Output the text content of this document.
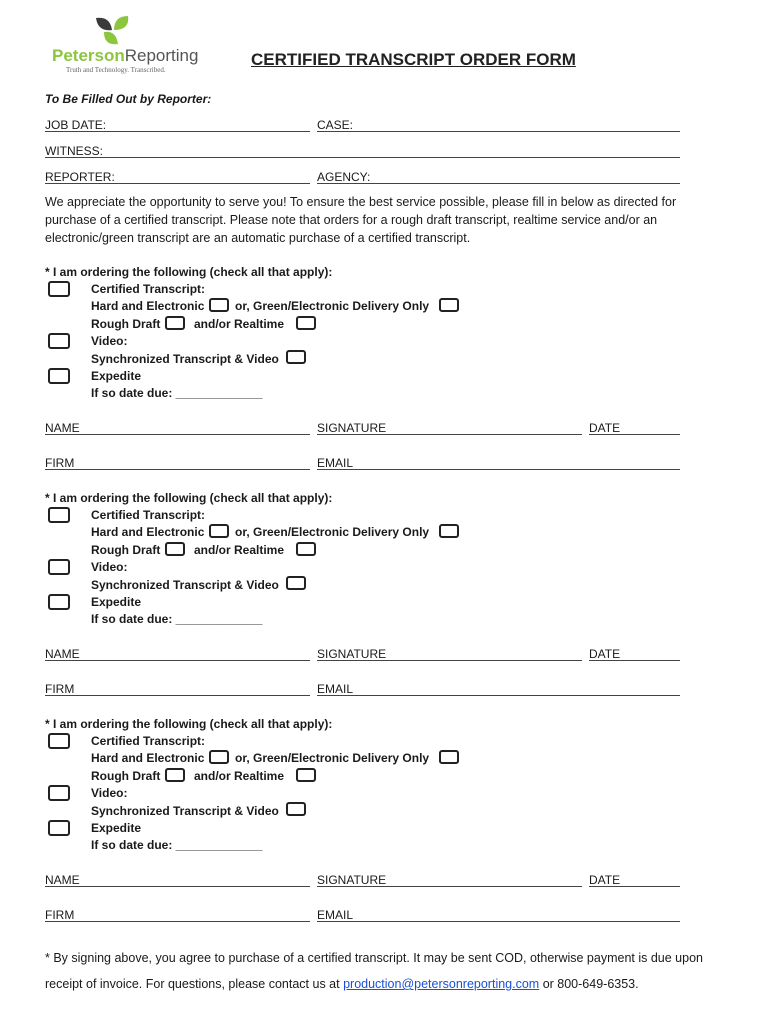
PetersonReporting
Truth and Technology. Transcribed.
CERTIFIED TRANSCRIPT ORDER FORM
To Be Filled Out by Reporter:
JOB DATE:	CASE:
WITNESS:
REPORTER:	AGENCY:
We appreciate the opportunity to serve you! To ensure the best service possible, please fill in below as directed for purchase of a certified transcript. Please note that orders for a rough draft transcript, realtime service and/or an electronic/green transcript are an automatic purchase of a certified transcript.
* I am ordering the following (check all that apply):
Certified Transcript:
Hard and Electronic	or, Green/Electronic Delivery Only
Rough Draft	and/or Realtime
Video:
Synchronized Transcript & Video
Expedite
If so date due: _____________
NAME	SIGNATURE	DATE
FIRM	EMAIL
* I am ordering the following (check all that apply):
Certified Transcript:
Hard and Electronic	or, Green/Electronic Delivery Only
Rough Draft	and/or Realtime
Video:
Synchronized Transcript & Video
Expedite
If so date due: _____________
NAME	SIGNATURE	DATE
FIRM	EMAIL
* I am ordering the following (check all that apply):
Certified Transcript:
Hard and Electronic	or, Green/Electronic Delivery Only
Rough Draft	and/or Realtime
Video:
Synchronized Transcript & Video
Expedite
If so date due: _____________
NAME	SIGNATURE	DATE
FIRM	EMAIL
* By signing above, you agree to purchase of a certified transcript. It may be sent COD, otherwise payment is due upon
receipt of invoice. For questions, please contact us at production@petersonreporting.com or 800-649-6353.
